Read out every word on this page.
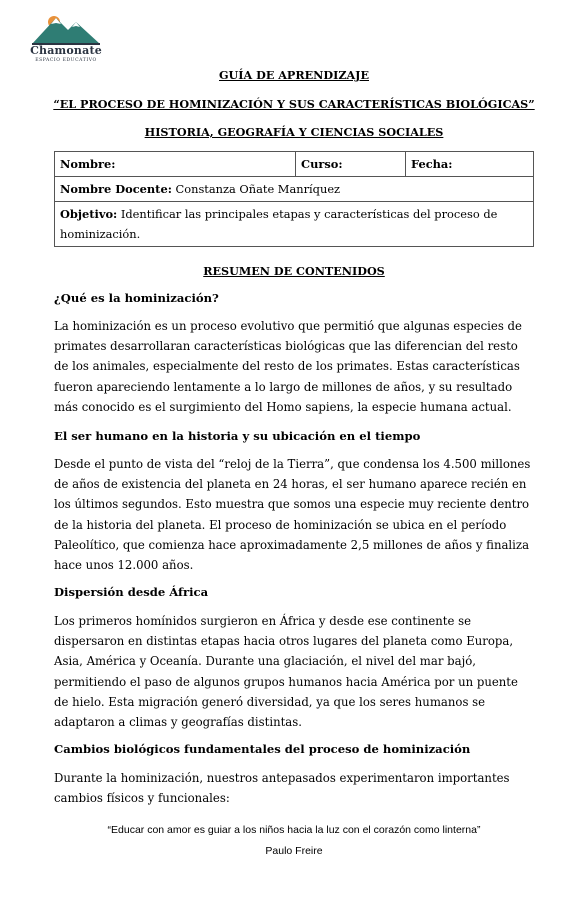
Chamonate
ESPACIO EDUCATIVO
GUÍA DE APRENDIZAJE
“EL PROCESO DE HOMINIZACIÓN Y SUS CARACTERÍSTICAS BIOLÓGICAS”
HISTORIA, GEOGRAFÍA Y CIENCIAS SOCIALES
Nombre:	Curso:	Fecha:
Nombre Docente: Constanza Oñate Manríquez
Objetivo: Identificar las principales etapas y características del proceso de hominización.
RESUMEN DE CONTENIDOS
¿Qué es la hominización?
La hominización es un proceso evolutivo que permitió que algunas especies de primates desarrollaran características biológicas que las diferencian del resto de los animales, especialmente del resto de los primates. Estas características fueron apareciendo lentamente a lo largo de millones de años, y su resultado más conocido es el surgimiento del Homo sapiens, la especie humana actual.
El ser humano en la historia y su ubicación en el tiempo
Desde el punto de vista del “reloj de la Tierra”, que condensa los 4.500 millones de años de existencia del planeta en 24 horas, el ser humano aparece recién en los últimos segundos. Esto muestra que somos una especie muy reciente dentro de la historia del planeta. El proceso de hominización se ubica en el período Paleolítico, que comienza hace aproximadamente 2,5 millones de años y finaliza hace unos 12.000 años.
Dispersión desde África
Los primeros homínidos surgieron en África y desde ese continente se dispersaron en distintas etapas hacia otros lugares del planeta como Europa, Asia, América y Oceanía. Durante una glaciación, el nivel del mar bajó, permitiendo el paso de algunos grupos humanos hacia América por un puente de hielo. Esta migración generó diversidad, ya que los seres humanos se adaptaron a climas y geografías distintas.
Cambios biológicos fundamentales del proceso de hominización
Durante la hominización, nuestros antepasados experimentaron importantes cambios físicos y funcionales:
“Educar con amor es guiar a los niños hacia la luz con el corazón como linterna”
Paulo Freire
